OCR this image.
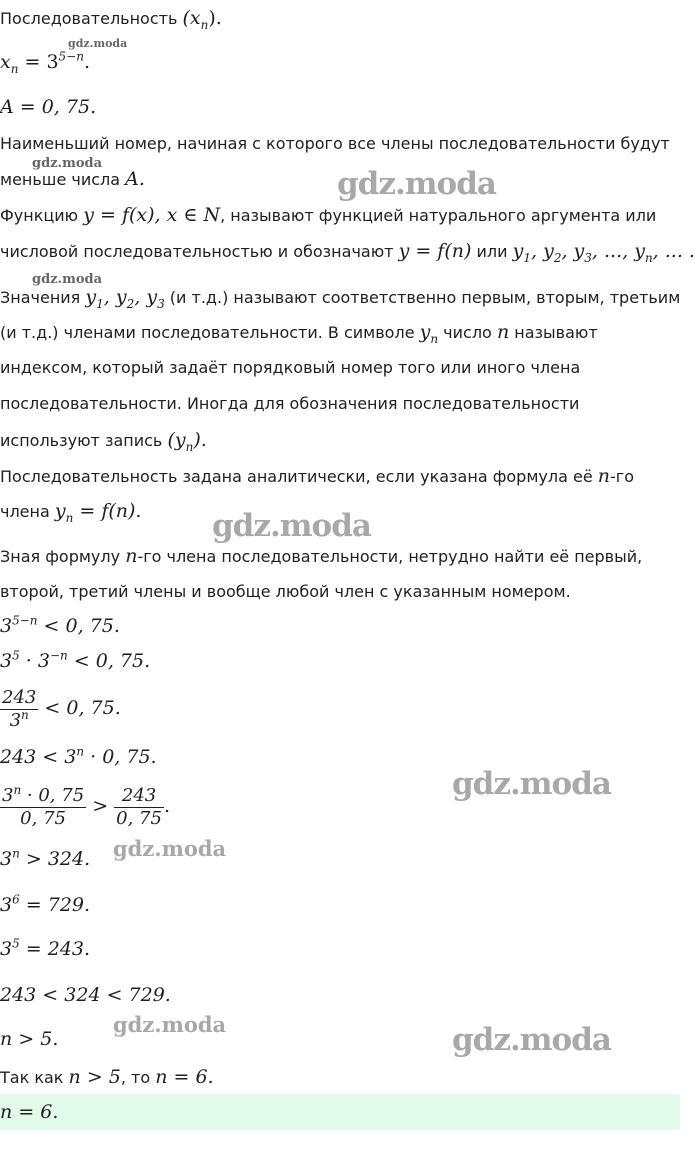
Последовательность $(x_n)$.
$x_n = 3^{5-n}$.
A = 0, 75.
Наименьший номер, начиная с которого все члены последовательности будут
меньше числа A.
Функцию y = f(x), x ∈ N, называют функцией натурального аргумента или
числовой последовательностью и обозначают y = f(n) или $y_1$, $y_2$, $y_3$, ..., $y_n$, ... .
Значения $y_1$, $y_2$, $y_3$ (и т.д.) называют соответственно первым, вторым, третьим
(и т.д.) членами последовательности. В символе $y_n$ число n называют
индексом, который задаёт порядковый номер того или иного члена
последовательности. Иногда для обозначения последовательности
используют запись $(y_n)$.
Последовательность задана аналитически, если указана формула её n-го
члена $y_n = f(n)$.
Зная формулу n-го члена последовательности, нетрудно найти её первый,
второй, третий члены и вообще любой член с указанным номером.
$3^{5-n} < 0$, 75.
$3^5 \cdot 3^{-n} < 0$, 75.
$\frac{243}{3^n} < 0$, 75.
$243 < 3^n \cdot 0$, 75.
$\frac{3^n \cdot 0, 75}{0, 75} > \frac{243}{0, 75}$ .
$3^n > 324$.
$3^6 = 729$.
$3^5 = 243$.
243 < 324 < 729.
n > 5.
Так как n > 5, то n = 6.
n = 6.
gdz.moda
gdz.moda
gdz.moda
gdz.moda
gdz.moda
gdz.moda
gdz.moda
gdz.moda	gdz.moda
